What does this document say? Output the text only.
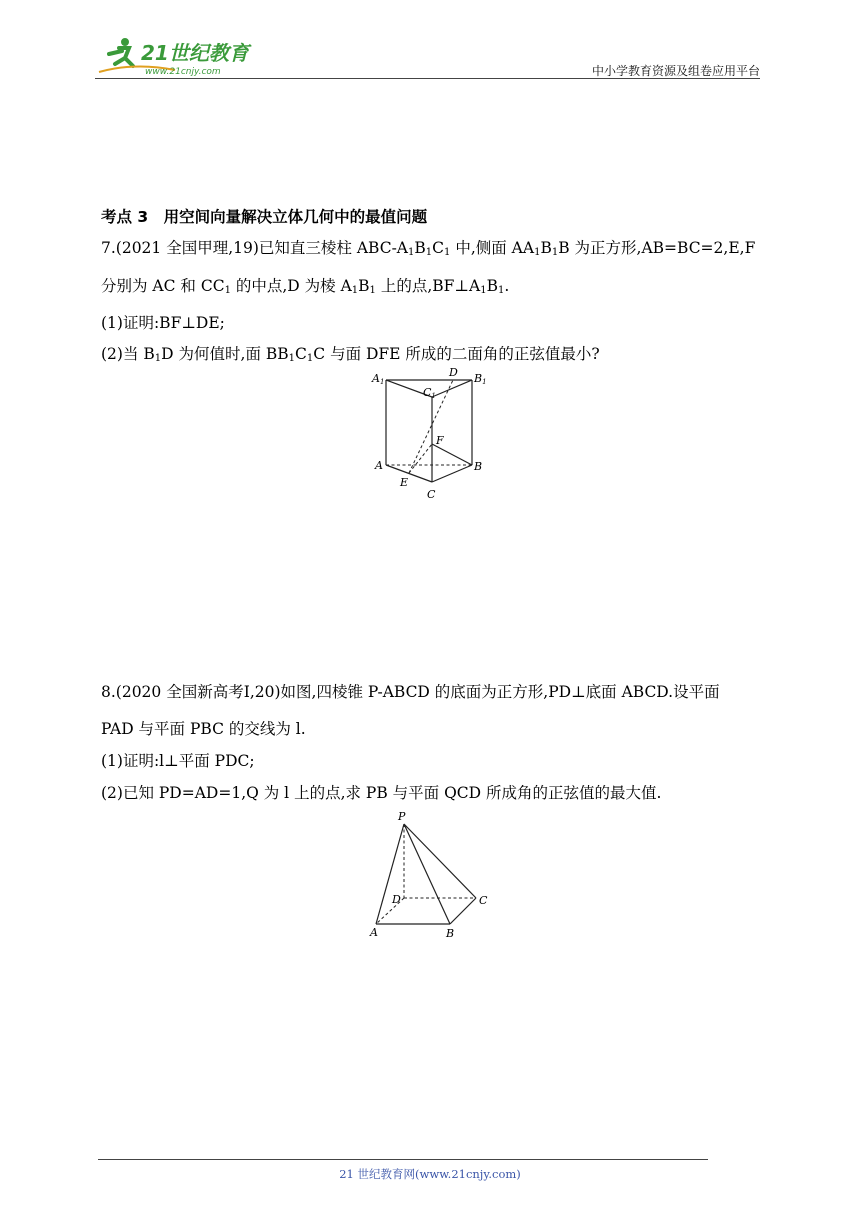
21世纪教育
www.21cnjy.com	中小学教育资源及组卷应用平台
考点 3　用空间向量解决立体几何中的最值问题
7.(2021 全国甲理,19)已知直三棱柱 ABC-$A_1B_1C_1$ 中,侧面 $AA_1B_1B$ 为正方形,AB=BC=2,E,F
分别为 AC 和 $CC_1$ 的中点,D 为棱 $A_1B_1$ 上的点$,BF\perp A_1B_1$.
(1)证明:BF⊥DE;
(2)当 $B_1D$ 为何值时,面 $BB_1C_1C$ 与面 DFE 所成的二面角的正弦值最小?
A1
C1
D B1
F
A	B
E
C
8.(2020 全国新高考Ⅰ,20)如图,四棱锥 P-ABCD 的底面为正方形,PD⊥底面 ABCD.设平面
PAD 与平面 PBC 的交线为 l.
(1)证明:l⊥平面 PDC;
(2)已知 PD=AD=1,Q 为 l 上的点,求 PB 与平面 QCD 所成角的正弦值的最大值.
P
D	C
A	B
21 世纪教育网(www.21cnjy.com)
